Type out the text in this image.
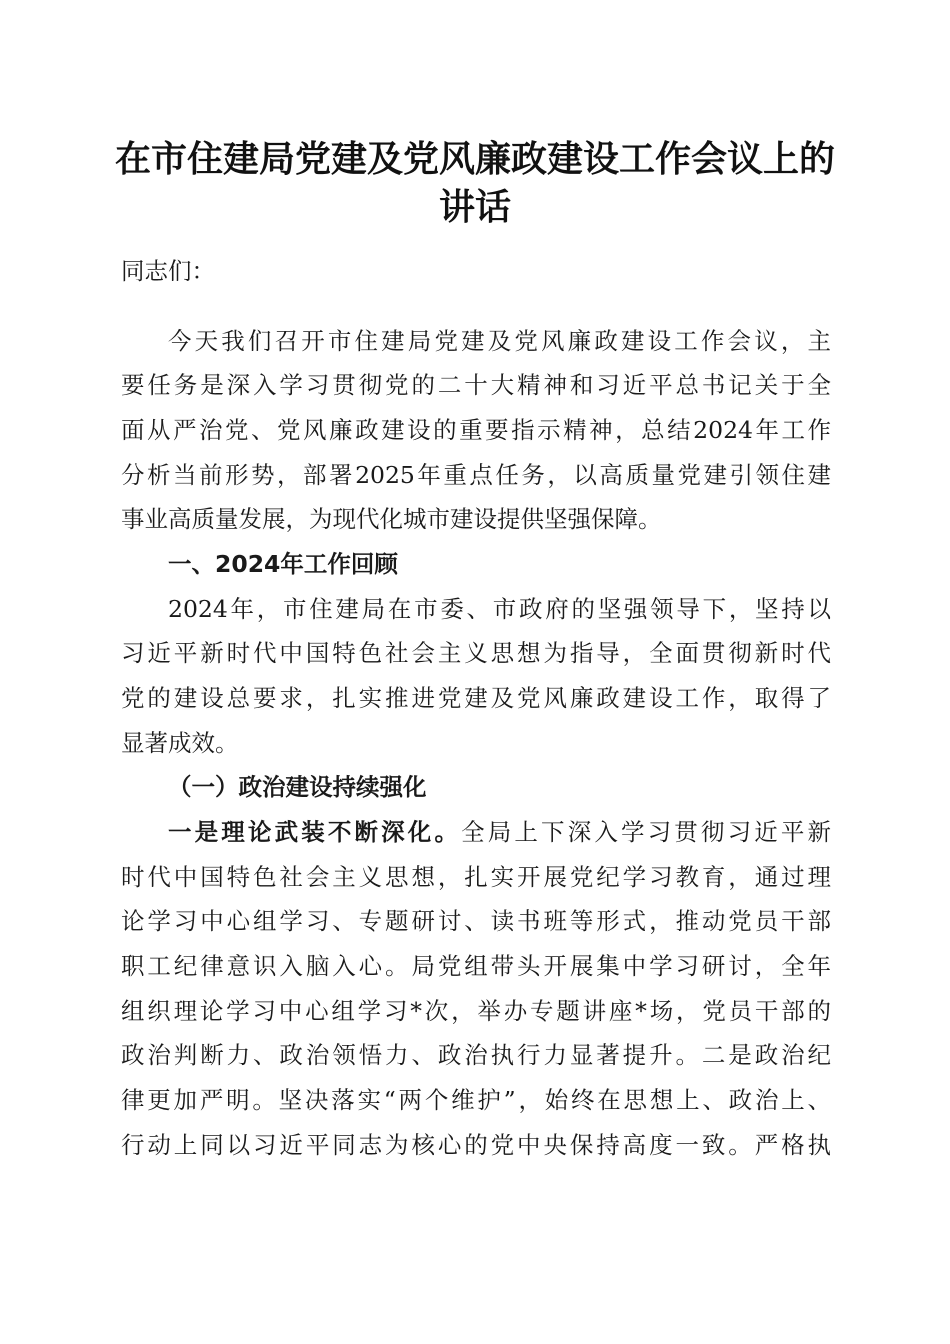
在市住建局党建及党风廉政建设工作会议上的
讲话

同志们：

今天我们召开市住建局党建及党风廉政建设工作会议，主

要任务是深入学习贯彻党的二十大精神和习近平总书记关于全

面从严治党、党风廉政建设的重要指示精神，总结2024年工作

分析当前形势，部署2025年重点任务，以高质量党建引领住建

事业高质量发展，为现代化城市建设提供坚强保障。

一、2024年工作回顾

2024年，市住建局在市委、市政府的坚强领导下，坚持以

习近平新时代中国特色社会主义思想为指导，全面贯彻新时代

党的建设总要求，扎实推进党建及党风廉政建设工作，取得了

显著成效。

（一）政治建设持续强化

一是理论武装不断深化。全局上下深入学习贯彻习近平新

时代中国特色社会主义思想，扎实开展党纪学习教育，通过理

论学习中心组学习、专题研讨、读书班等形式，推动党员干部

职工纪律意识入脑入心。局党组带头开展集中学习研讨，全年

组织理论学习中心组学习*次，举办专题讲座*场，党员干部的

政治判断力、政治领悟力、政治执行力显著提升。二是政治纪

律更加严明。坚决落实“两个维护”，始终在思想上、政治上、

行动上同以习近平同志为核心的党中央保持高度一致。严格执
